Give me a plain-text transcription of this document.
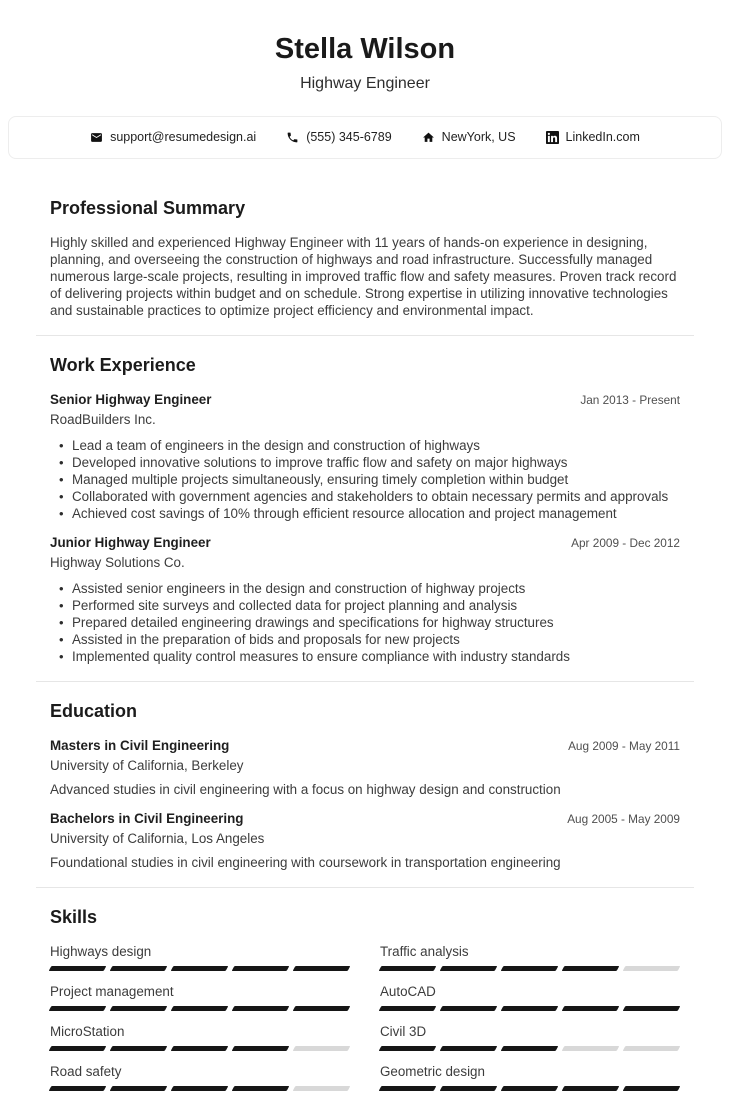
Stella Wilson
Highway Engineer
support@resumedesign.ai	(555) 345-6789	NewYork, US	LinkedIn.com
Professional Summary

Highly skilled and experienced Highway Engineer with 11 years of hands-on experience in designing, planning, and overseeing the construction of highways and road infrastructure. Successfully managed numerous large-scale projects, resulting in improved traffic flow and safety measures. Proven track record of delivering projects within budget and on schedule. Strong expertise in utilizing innovative technologies and sustainable practices to optimize project efficiency and environmental impact.

Work Experience
Senior Highway Engineer	Jan 2013 - Present
RoadBuilders Inc.
• Lead a team of engineers in the design and construction of highways
• Developed innovative solutions to improve traffic flow and safety on major highways
• Managed multiple projects simultaneously, ensuring timely completion within budget
• Collaborated with government agencies and stakeholders to obtain necessary permits and approvals
• Achieved cost savings of 10% through efficient resource allocation and project management
Junior Highway Engineer	Apr 2009 - Dec 2012
Highway Solutions Co.
• Assisted senior engineers in the design and construction of highway projects
• Performed site surveys and collected data for project planning and analysis
• Prepared detailed engineering drawings and specifications for highway structures
• Assisted in the preparation of bids and proposals for new projects
• Implemented quality control measures to ensure compliance with industry standards
Education
Masters in Civil Engineering	Aug 2009 - May 2011
University of California, Berkeley
Advanced studies in civil engineering with a focus on highway design and construction
Bachelors in Civil Engineering	Aug 2005 - May 2009
University of California, Los Angeles
Foundational studies in civil engineering with coursework in transportation engineering
Skills
Highways design	Traffic analysis
Project management	AutoCAD
MicroStation	Civil 3D
Road safety	Geometric design
